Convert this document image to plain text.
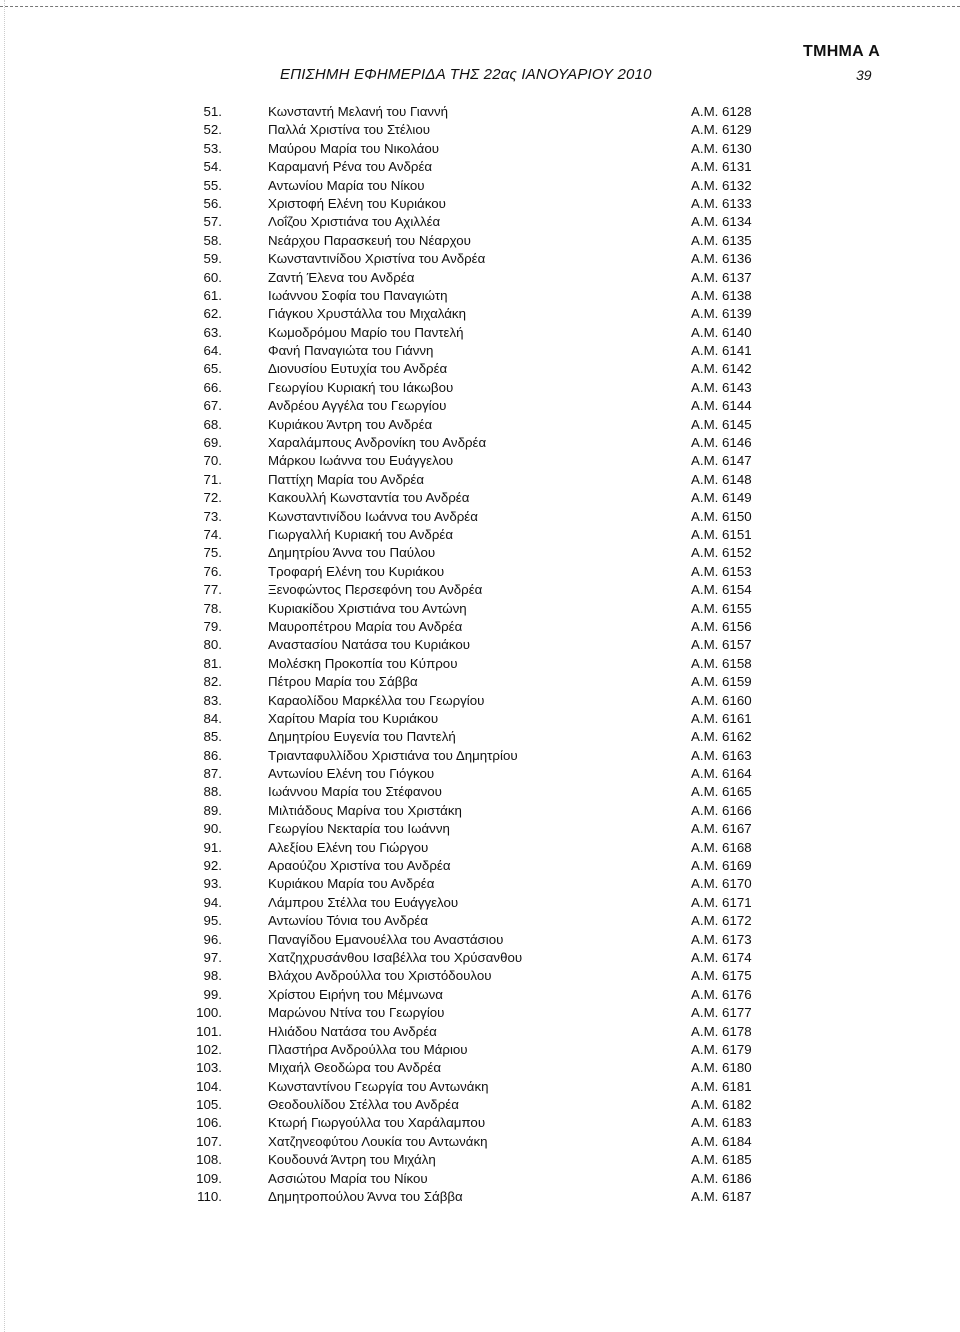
ΤΜΗΜΑ Α
ΕΠΙΣΗΜΗ ΕΦΗΜΕΡΙΔΑ ΤΗΣ 22ας ΙΑΝΟΥΑΡΙΟΥ 2010	39
51.	Κωνσταντή Μελανή του Γιαννή	Α.Μ. 6128
52.	Παλλά Χριστίνα του Στέλιου	Α.Μ. 6129
53.	Μαύρου Μαρία του Νικολάου	Α.Μ. 6130
54.	Καραμανή Ρένα του Ανδρέα	Α.Μ. 6131
55.	Αντωνίου Μαρία του Νίκου	Α.Μ. 6132
56.	Χριστοφή Ελένη του Κυριάκου	Α.Μ. 6133
57.	Λοΐζου Χριστιάνα του Αχιλλέα	Α.Μ. 6134
58.	Νεάρχου Παρασκευή του Νέαρχου	Α.Μ. 6135
59.	Κωνσταντινίδου Χριστίνα του Ανδρέα	Α.Μ. 6136
60.	Ζαντή Έλενα του Ανδρέα	Α.Μ. 6137
61.	Ιωάννου Σοφία του Παναγιώτη	Α.Μ. 6138
62.	Γιάγκου Χρυστάλλα του Μιχαλάκη	Α.Μ. 6139
63.	Κωμοδρόμου Μαρίο του Παντελή	Α.Μ. 6140
64.	Φανή Παναγιώτα του Γιάννη	Α.Μ. 6141
65.	Διονυσίου Ευτυχία του Ανδρέα	Α.Μ. 6142
66.	Γεωργίου Κυριακή του Ιάκωβου	Α.Μ. 6143
67.	Ανδρέου Αγγέλα του Γεωργίου	Α.Μ. 6144
68.	Κυριάκου Άντρη του Ανδρέα	Α.Μ. 6145
69.	Χαραλάμπους Ανδρονίκη του Ανδρέα	Α.Μ. 6146
70.	Μάρκου Ιωάννα του Ευάγγελου	Α.Μ. 6147
71.	Παττίχη Μαρία του Ανδρέα	Α.Μ. 6148
72.	Κακουλλή Κωνσταντία του Ανδρέα	Α.Μ. 6149
73.	Κωνσταντινίδου Ιωάννα του Ανδρέα	Α.Μ. 6150
74.	Γιωργαλλή Κυριακή του Ανδρέα	Α.Μ. 6151
75.	Δημητρίου Άννα του Παύλου	Α.Μ. 6152
76.	Τροφαρή Ελένη του Κυριάκου	Α.Μ. 6153
77.	Ξενοφώντος Περσεφόνη του Ανδρέα	Α.Μ. 6154
78.	Κυριακίδου Χριστιάνα του Αντώνη	Α.Μ. 6155
79.	Μαυροπέτρου Μαρία του Ανδρέα	Α.Μ. 6156
80.	Αναστασίου Νατάσα του Κυριάκου	Α.Μ. 6157
81.	Μολέσκη Προκοπία του Κύπρου	Α.Μ. 6158
82.	Πέτρου Μαρία του Σάββα	Α.Μ. 6159
83.	Καραολίδου Μαρκέλλα του Γεωργίου	Α.Μ. 6160
84.	Χαρίτου Μαρία του Κυριάκου	Α.Μ. 6161
85.	Δημητρίου Ευγενία του Παντελή	Α.Μ. 6162
86.	Τριανταφυλλίδου Χριστιάνα του Δημητρίου	Α.Μ. 6163
87.	Αντωνίου Ελένη του Γιόγκου	Α.Μ. 6164
88.	Ιωάννου Μαρία του Στέφανου	Α.Μ. 6165
89.	Μιλτιάδους Μαρίνα του Χριστάκη	Α.Μ. 6166
90.	Γεωργίου Νεκταρία του Ιωάννη	Α.Μ. 6167
91.	Αλεξίου Ελένη του Γιώργου	Α.Μ. 6168
92.	Αραούζου Χριστίνα του Ανδρέα	Α.Μ. 6169
93.	Κυριάκου Μαρία του Ανδρέα	Α.Μ. 6170
94.	Λάμπρου Στέλλα του Ευάγγελου	Α.Μ. 6171
95.	Αντωνίου Τόνια του Ανδρέα	Α.Μ. 6172
96.	Παναγίδου Εμανουέλλα του Αναστάσιου	Α.Μ. 6173
97.	Χατζηχρυσάνθου Ισαβέλλα του Χρύσανθου	Α.Μ. 6174
98.	Βλάχου Ανδρούλλα του Χριστόδουλου	Α.Μ. 6175
99.	Χρίστου Ειρήνη του Μέμνωνα	Α.Μ. 6176
100.	Μαρώνου Ντίνα του Γεωργίου	Α.Μ. 6177
101.	Ηλιάδου Νατάσα του Ανδρέα	Α.Μ. 6178
102.	Πλαστήρα Ανδρούλλα του Μάριου	Α.Μ. 6179
103.	Μιχαήλ Θεοδώρα του Ανδρέα	Α.Μ. 6180
104.	Κωνσταντίνου Γεωργία του Αντωνάκη	Α.Μ. 6181
105.	Θεοδουλίδου Στέλλα του Ανδρέα	Α.Μ. 6182
106.	Κτωρή Γιωργούλλα του Χαράλαμπου	Α.Μ. 6183
107.	Χατζηνεοφύτου Λουκία του Αντωνάκη	Α.Μ. 6184
108.	Κουδουνά Άντρη του Μιχάλη	Α.Μ. 6185
109.	Ασσιώτου Μαρία του Νίκου	Α.Μ. 6186
110.	Δημητροπούλου Άννα του Σάββα	Α.Μ. 6187
